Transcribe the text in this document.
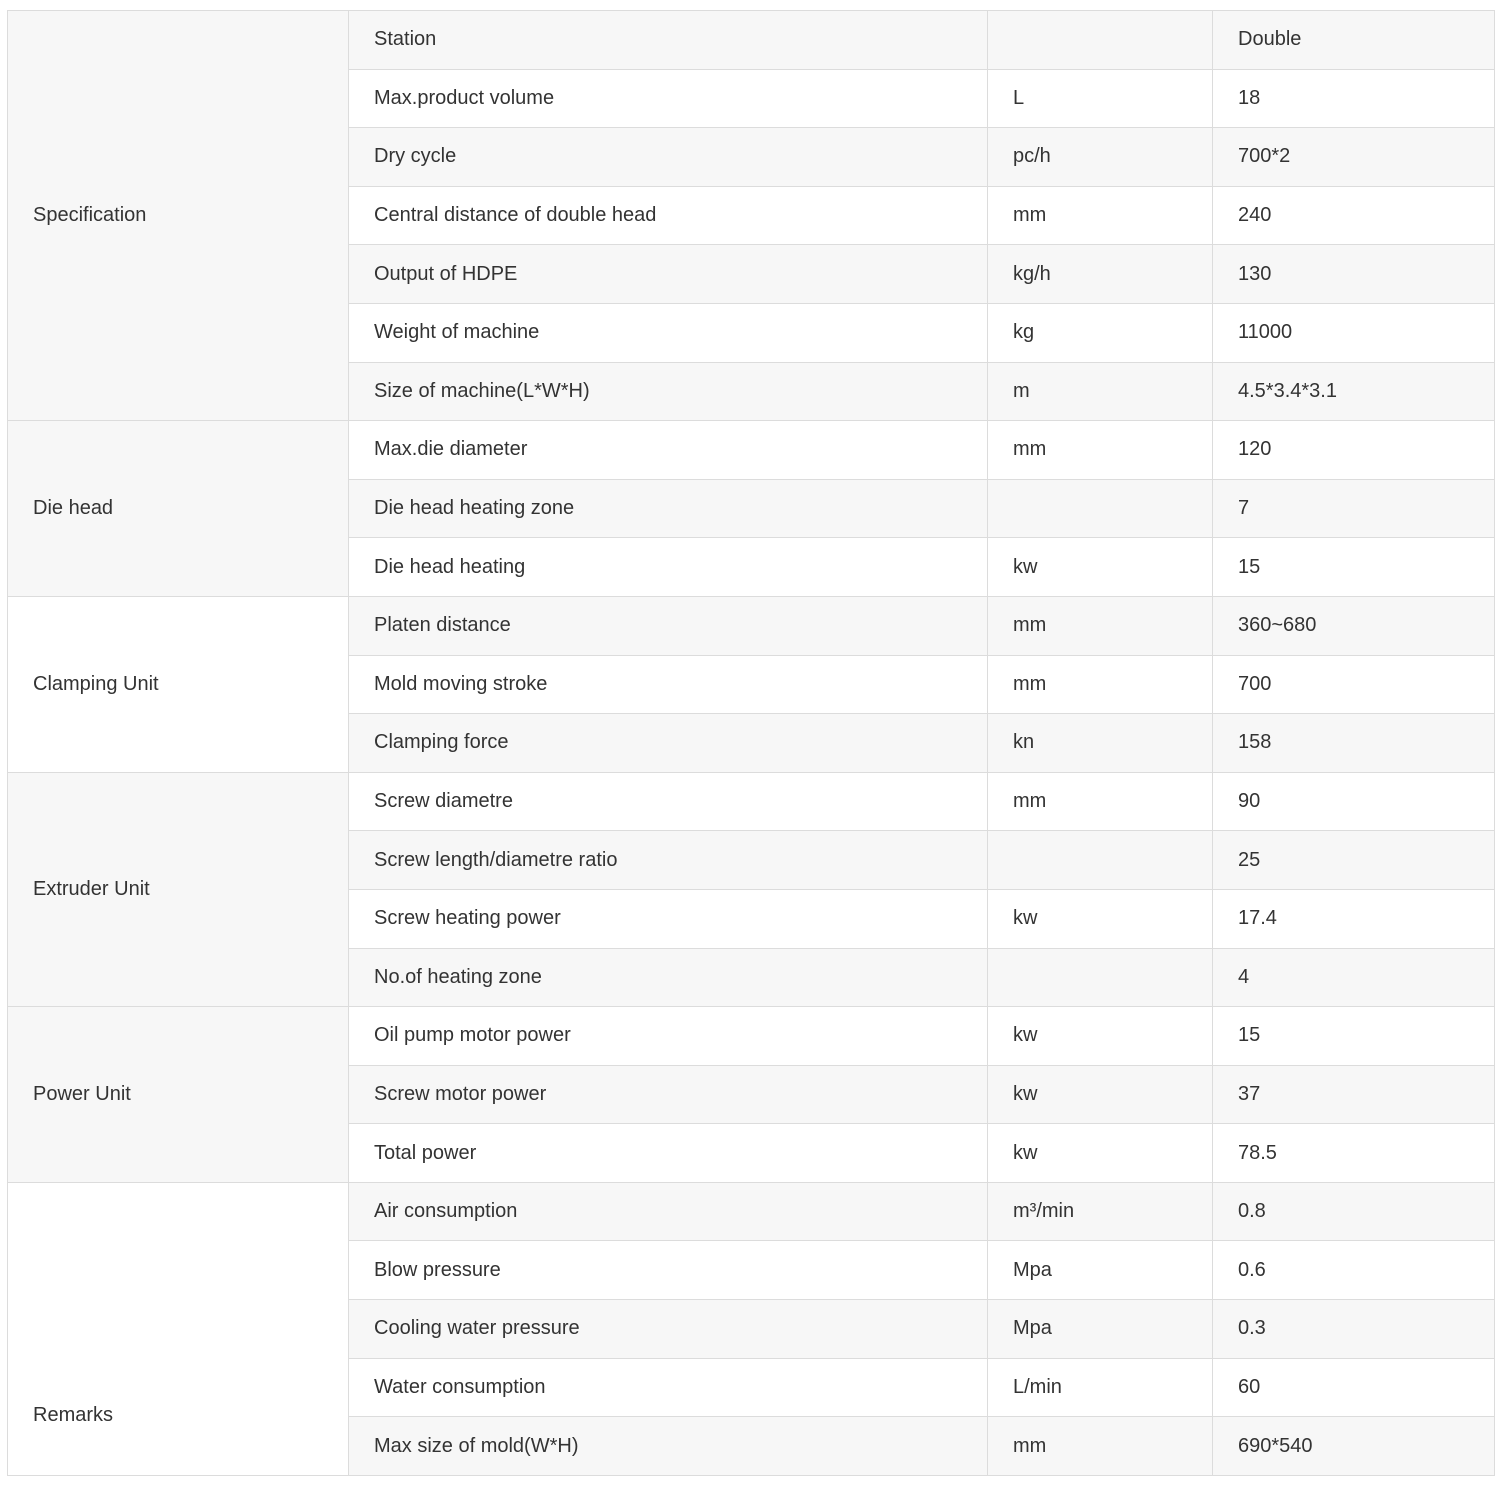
Specification	Station		Double
	Max.product volume	L	18
	Dry cycle	pc/h	700*2
	Central distance of double head	mm	240
	Output of HDPE	kg/h	130
	Weight of machine	kg	11000
	Size of machine(L*W*H)	m	4.5*3.4*3.1
Die head	Max.die diameter	mm	120
	Die head heating zone		7
	Die head heating	kw	15
Clamping Unit	Platen distance	mm	360~680
	Mold moving stroke	mm	700
	Clamping force	kn	158
Extruder Unit	Screw diametre	mm	90
	Screw length/diametre ratio		25
	Screw heating power	kw	17.4
	No.of heating zone		4
Power Unit	Oil pump motor power	kw	15
	Screw motor power	kw	37
	Total power	kw	78.5
Remarks	Air consumption	m³/min	0.8
	Blow pressure	Mpa	0.6
	Cooling water pressure	Mpa	0.3
	Water consumption	L/min	60
	Max size of mold(W*H)	mm	690*540
